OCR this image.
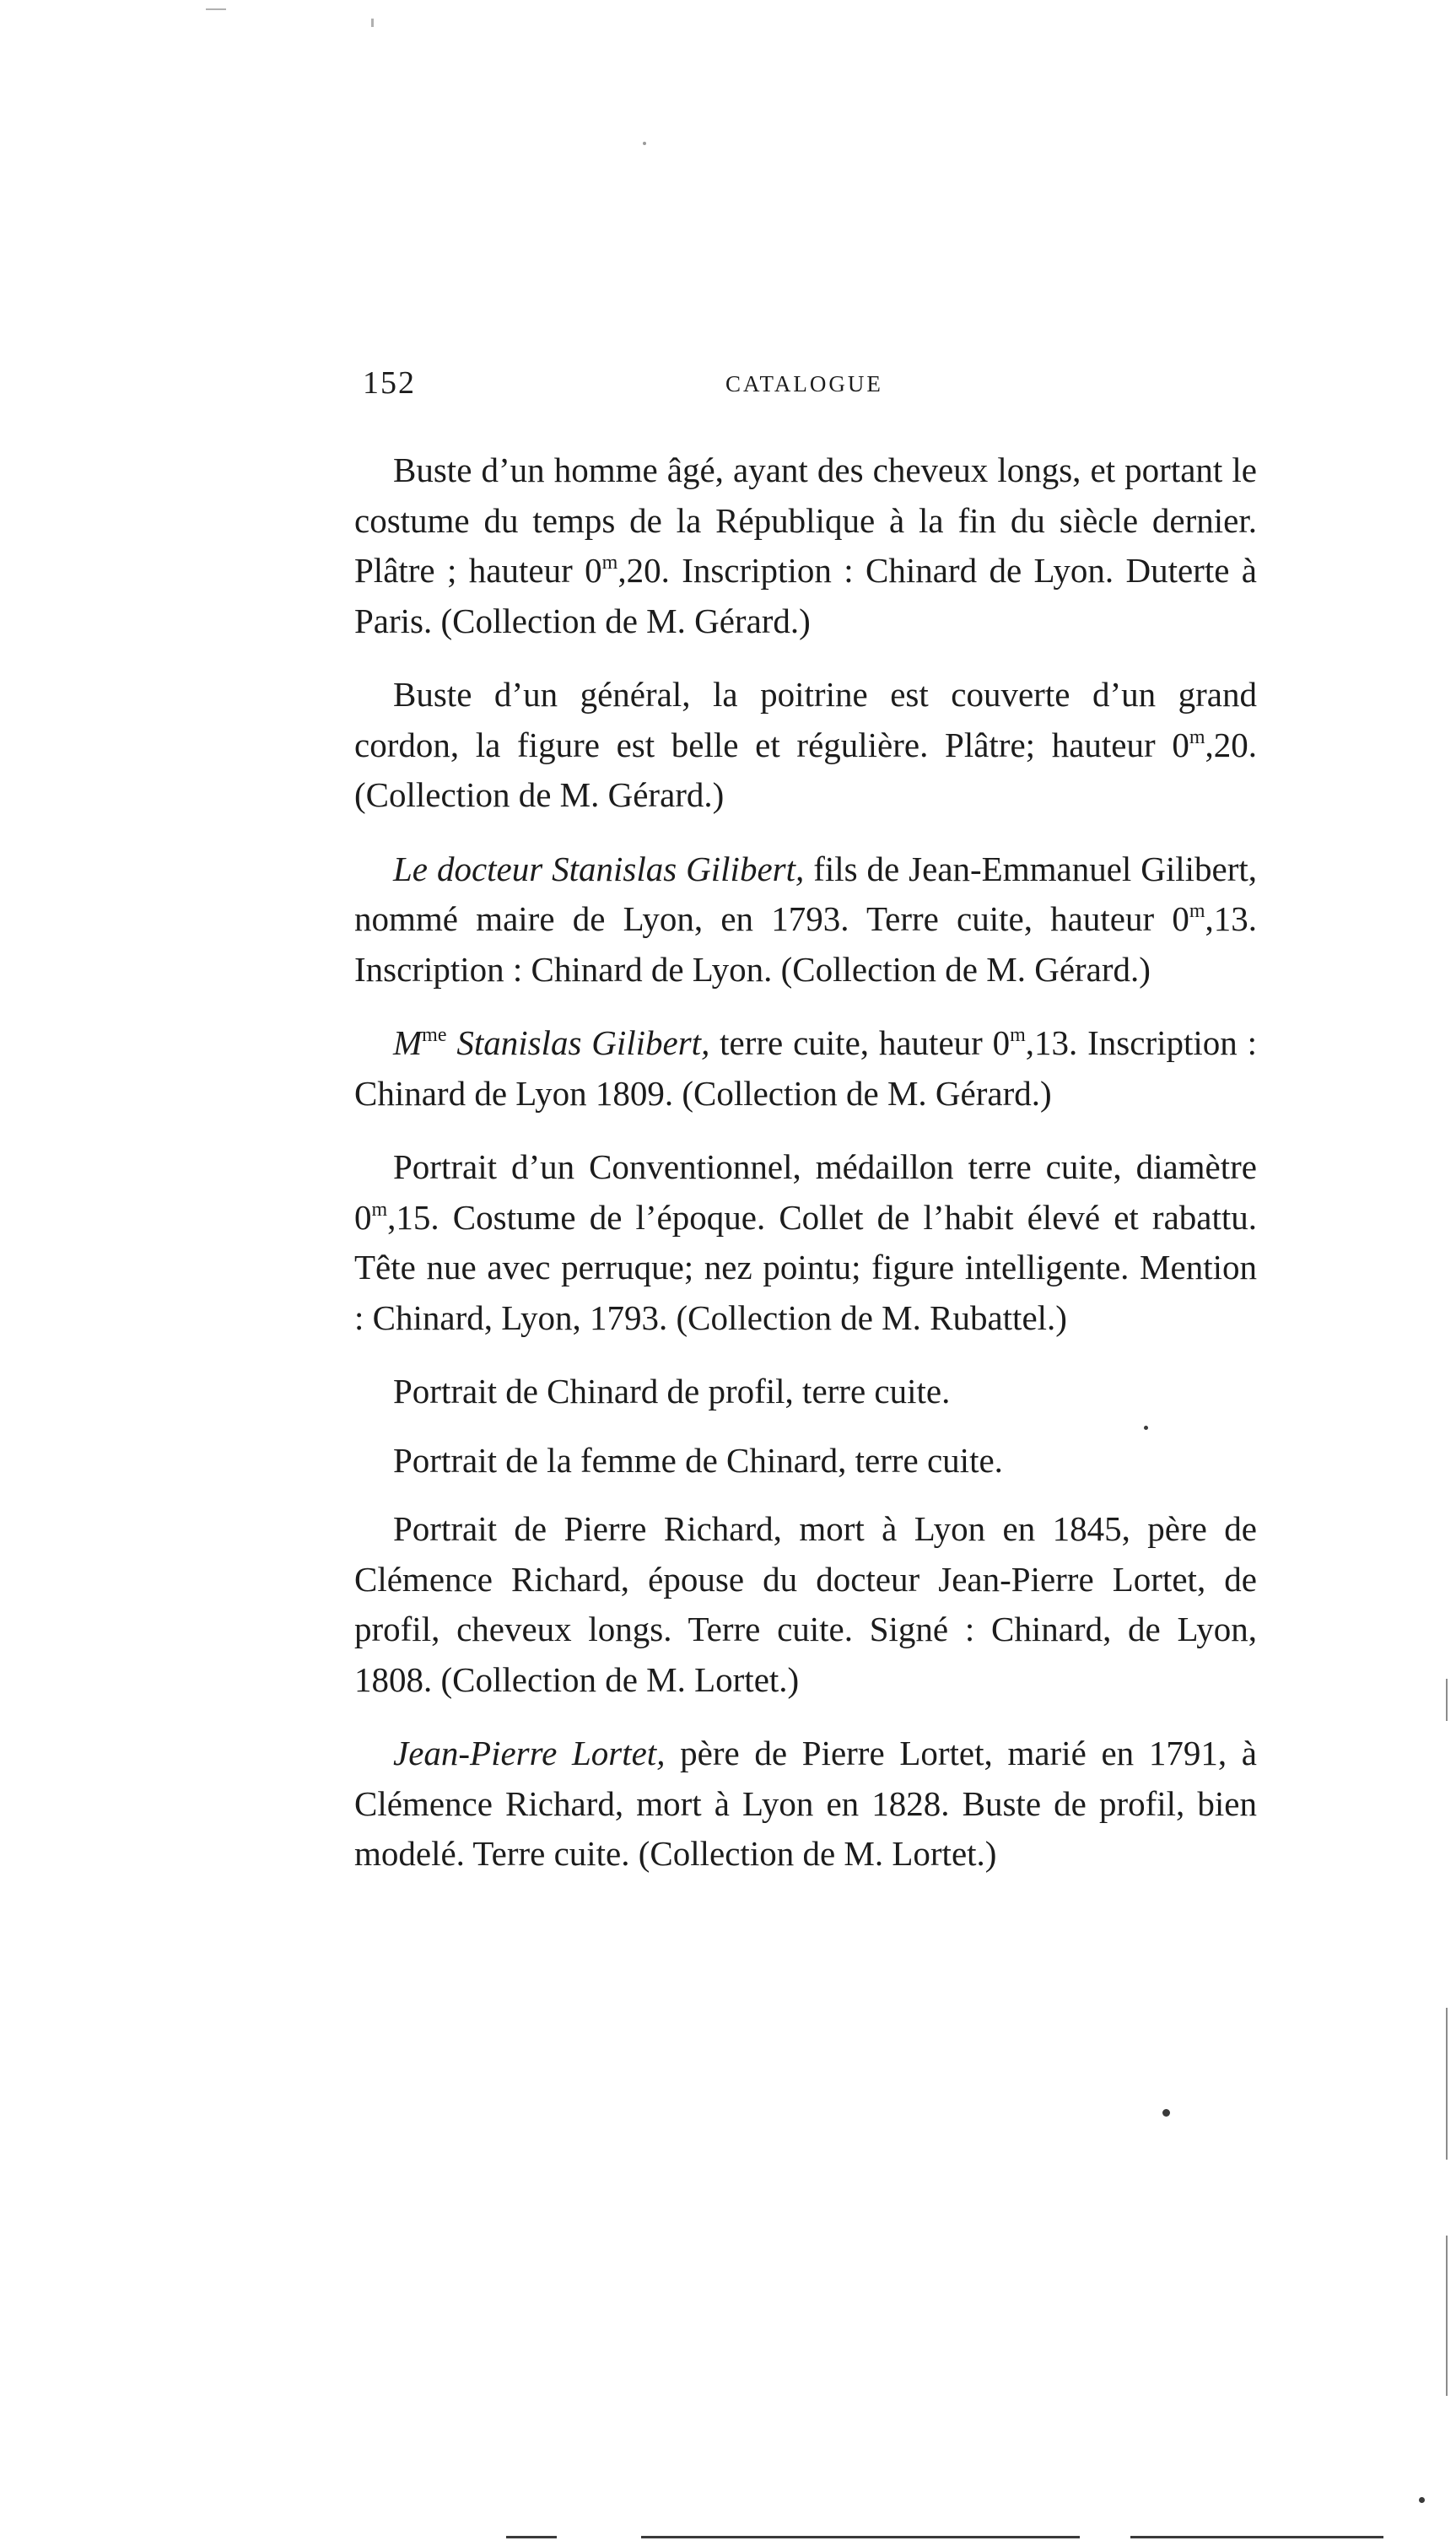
152	CATALOGUE

Buste d’un homme âgé, ayant des cheveux longs, et portant le costume du temps de la République à la fin du siècle dernier. Plâtre ; hauteur 0$^m$,20. Inscription : Chinard de Lyon. Duterte à Paris. (Collection de M. Gérard.)

Buste d’un général, la poitrine est couverte d’un grand cordon, la figure est belle et régulière. Plâtre; hauteur 0$^m$,20. (Collection de M. Gérard.)

Le docteur Stanislas Gilibert, fils de Jean-Emmanuel Gilibert, nommé maire de Lyon, en 1793. Terre cuite, hauteur 0$^m$,13. Inscription : Chinard de Lyon. (Collection de M. Gérard.)

$M^{me}$ Stanislas Gilibert, terre cuite, hauteur 0$^m$,13. Inscription : Chinard de Lyon 1809. (Collection de M. Gérard.)

Portrait d’un Conventionnel, médaillon terre cuite, diamètre 0$^m$,15. Costume de l’époque. Collet de l’habit élevé et rabattu. Tête nue avec perruque; nez pointu; figure intelligente. Mention : Chinard, Lyon, 1793. (Collection de M. Rubattel.)

Portrait de Chinard de profil, terre cuite.

Portrait de la femme de Chinard, terre cuite.

Portrait de Pierre Richard, mort à Lyon en 1845, père de Clémence Richard, épouse du docteur Jean-Pierre Lortet, de profil, cheveux longs. Terre cuite. Signé : Chinard, de Lyon, 1808. (Collection de M. Lortet.)

Jean-Pierre Lortet, père de Pierre Lortet, marié en 1791, à Clémence Richard, mort à Lyon en 1828. Buste de profil, bien modelé. Terre cuite. (Collection de M. Lortet.)
